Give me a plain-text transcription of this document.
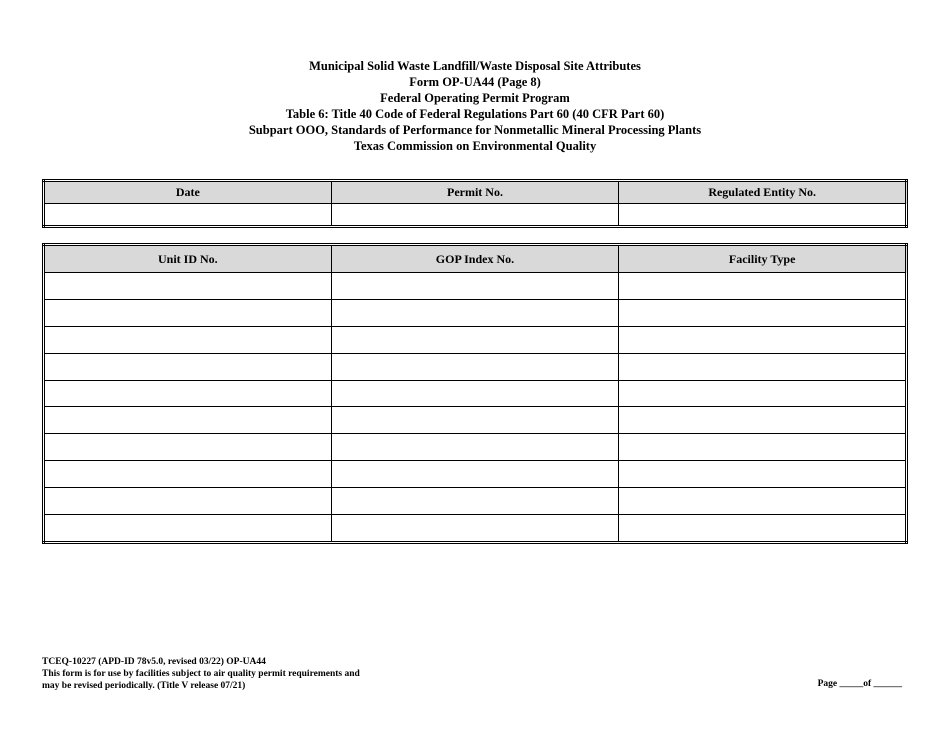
Municipal Solid Waste Landfill/Waste Disposal Site Attributes
Form OP-UA44 (Page 8)
Federal Operating Permit Program
Table 6: Title 40 Code of Federal Regulations Part 60 (40 CFR Part 60)
Subpart OOO, Standards of Performance for Nonmetallic Mineral Processing Plants
Texas Commission on Environmental Quality
Date	Permit No.	Regulated Entity No.

Unit ID No.	GOP Index No.	Facility Type

TCEQ-10227 (APD-ID 78v5.0, revised 03/22) OP-UA44
This form is for use by facilities subject to air quality permit requirements and
may be revised periodically. (Title V release 07/21)	Page _____of ______
